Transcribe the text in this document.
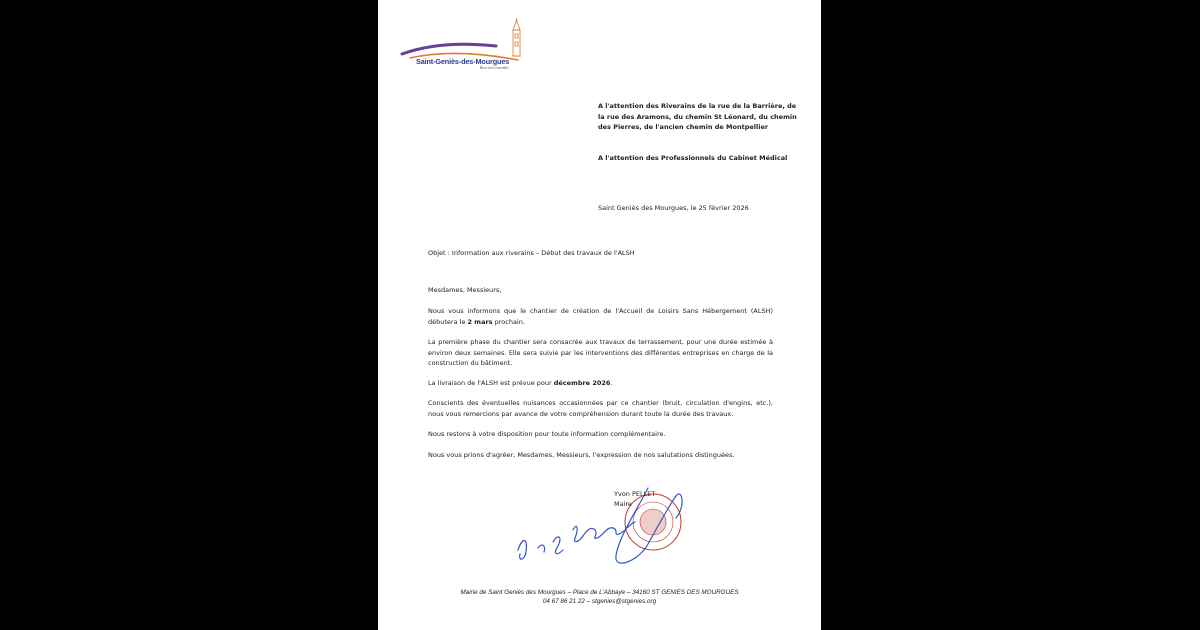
Saint-Geniès-des-Mourgues
Bien vivre ensemble

A l'attention des Riverains de la rue de la Barrière, de la rue des Aramons, du chemin St Léonard, du chemin des Pierres, de l'ancien chemin de Montpellier

A l'attention des Professionnels du Cabinet Médical

Saint Geniès des Mourgues, le 25 février 2026

Objet : Information aux riverains – Début des travaux de l'ALSH

Mesdames, Messieurs,

Nous vous informons que le chantier de création de l'Accueil de Loisirs Sans Hébergement (ALSH) débutera le 2 mars prochain.

La première phase du chantier sera consacrée aux travaux de terrassement, pour une durée estimée à environ deux semaines. Elle sera suivie par les interventions des différentes entreprises en charge de la construction du bâtiment.

La livraison de l'ALSH est prévue pour décembre 2026.

Conscients des éventuelles nuisances occasionnées par ce chantier (bruit, circulation d'engins, etc.), nous vous remercions par avance de votre compréhension durant toute la durée des travaux.

Nous restons à votre disposition pour toute information complémentaire.

Nous vous prions d'agréer, Mesdames, Messieurs, l'expression de nos salutations distinguées.

Yvon PELLET

Maire

Mairie de Saint Geniès des Mourgues – Place de L'Abbaye – 34160 ST GENIES DES MOURGUES

04 67 86 21 22 – stgenies@stgenies.org
